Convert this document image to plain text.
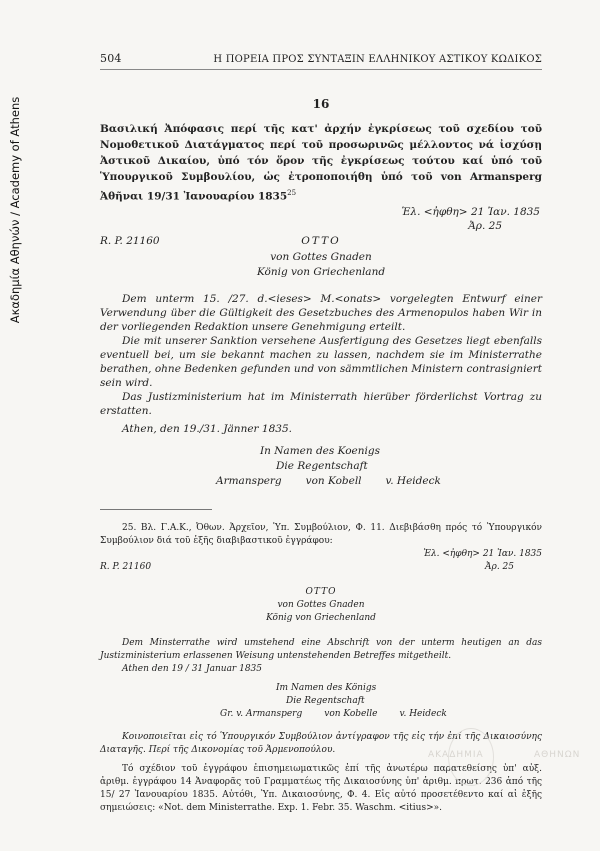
Ακαδημία Αθηνών / Academy of Athens
504	Η ΠΟΡΕΙΑ ΠΡΟΣ ΣΥΝΤΑΞΙΝ ΕΛΛΗΝΙΚΟΥ ΑΣΤΙΚΟΥ ΚΩΔΙΚΟΣ
16
Βασιλική Ἀπόφασις περί τῆς κατ' ἀρχήν ἐγκρίσεως τοῦ σχεδίου τοῦ Νομοθετικοῦ Διατάγματος περί τοῦ προσωρινῶς μέλλοντος νά ἰσχύσῃ Ἀστικοῦ Δικαίου, ὑπό τόν ὅρον τῆς ἐγκρίσεως τούτου καί ὑπό τοῦ Ὑπουργικοῦ Συμβουλίου, ὡς ἐτροποποιήθη ὑπό τοῦ von Armansperg Ἀθῆναι 19/31 Ἰανουαρίου 1835$^{25}$
Ἑλ. <ἠφθη> 21 Ἰαν. 1835
Ἀρ. 25
OTTO
R. P. 21160
von Gottes Gnaden
König von Griechenland

Dem unterm 15. /27. d.<ieses> M.<onats> vorgelegten Entwurf einer Verwendung über die Gültigkeit des Gesetzbuches des Armenopulos haben Wir in der vorliegenden Redaktion unsere Genehmigung erteilt.

Die mit unserer Sanktion versehene Ausfertigung des Gesetzes liegt ebenfalls eventuell bei, um sie bekannt machen zu lassen, nachdem sie im Ministerrathe berathen, ohne Bedenken gefunden und von sämmtlichen Ministern contrasigniert sein wird.

Das Justizministerium hat im Ministerrath hierüber förderlichst Vortrag zu erstatten.

Athen, den 19./31. Jänner 1835.
In Namen des Koenigs
Die Regentschaft
Armansperg von Kobell v. Heideck
25. Βλ. Γ.Α.Κ., Ὀθων. Ἀρχεῖον, Ὑπ. Συμβούλιον, Φ. 11. Διεβιβάσθη πρός τό Ὑπουργικόν Συμβούλιον διά τοῦ ἑξῆς διαβιβαστικοῦ ἐγγράφου:
Ἑλ. <ἠφθη> 21 Ἰαν. 1835
R. P. 21160	Ἀρ. 25
OTTO
von Gottes Gnaden
König von Griechenland
Dem Minsterrathe wird umstehend eine Abschrift von der unterm heutigen an das Justizministerium erlassenen Weisung untenstehenden Betreffes mitgetheilt.
Athen den 19 / 31 Januar 1835
Im Namen des Königs
Die Regentschaft
Gr. v. Armansperg von Kobelle v. Heideck
Κοινοποιεῖται εἰς τό Ὑπουργικόν Συμβούλιον ἀντίγραφον τῆς εἰς τήν ἐπί τῆς Δικαιοσύνης Διαταγῆς. Περί τῆς Δικονομίας τοῦ Ἀρμενοπούλου.
Τό σχέδιον τοῦ ἐγγράφου ἐπισημειωματικῶς ἐπί τῆς ἀνωτέρω παρατεθείσης ὑπ' αὐξ. ἀριθμ. ἐγγράφου 14 Ἀναφορᾶς τοῦ Γραμματέως τῆς Δικαιοσύνης ὑπ' ἀριθμ. πρωτ. 236 ἀπό τῆς 15/ 27 Ἰανουαρίου 1835. Αὐτόθι, Ὑπ. Δικαιοσύνης, Φ. 4. Εἰς αὐτό προσετέθεντο καί αἱ ἑξῆς σημειώσεις: «Not. dem Ministerrathe. Exp. 1. Febr. 35. Waschm. <itius>».
ΑΚΑΔΗΜΙΑ	ΑΘΗΝΩΝ
